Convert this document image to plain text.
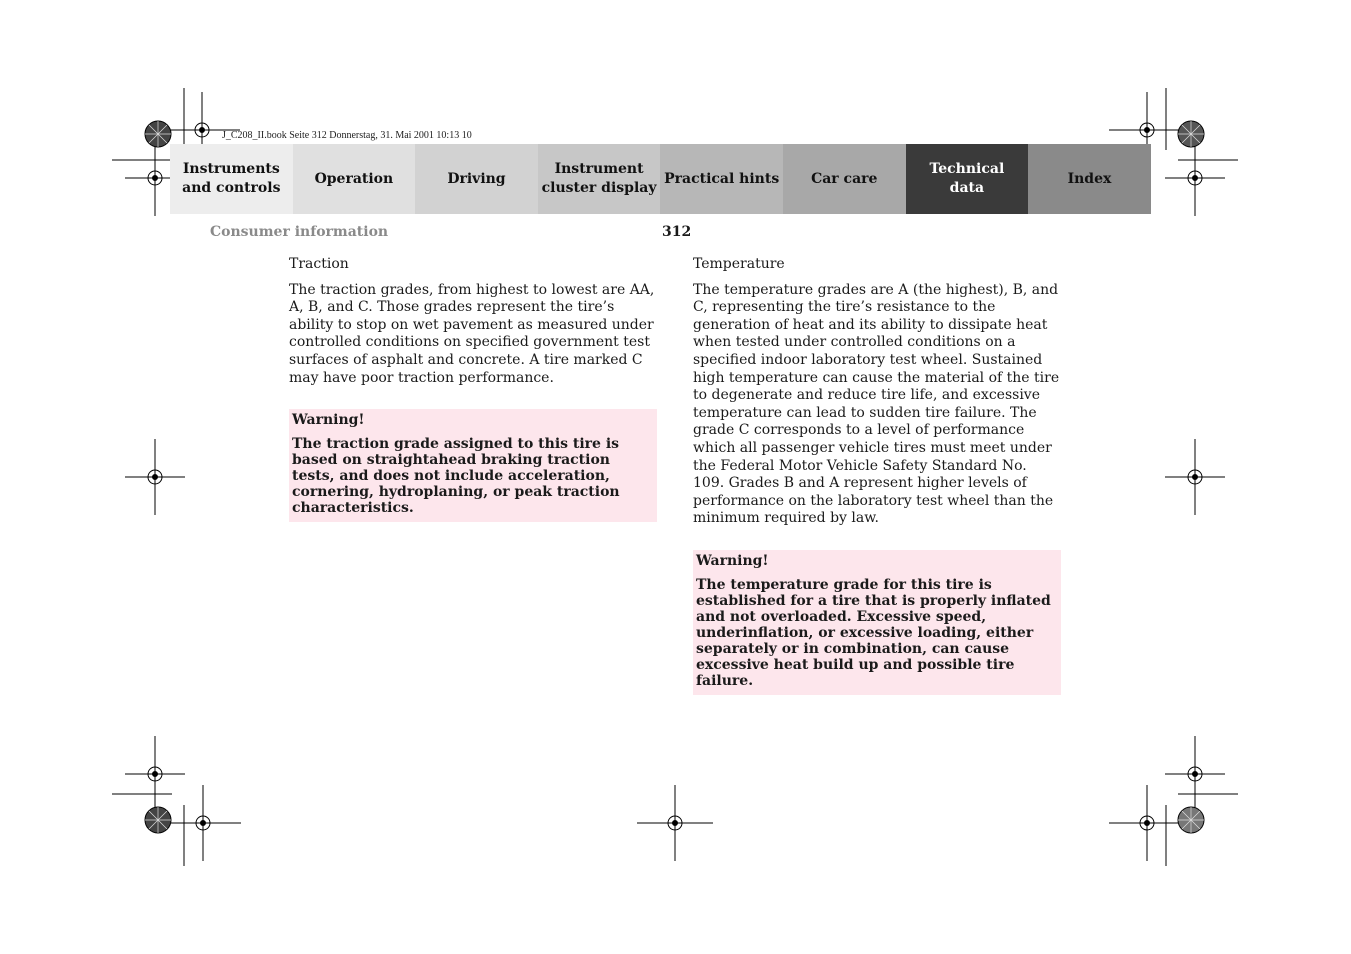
J_C208_II.book Seite 312 Donnerstag, 31. Mai 2001 10:13 10
Instruments
and controls
Operation	Driving
Instrument
cluster display
Practical hints	Car care
Technical
data
Index
Consumer information	312

Traction

The traction grades, from highest to lowest are AA, A, B, and C. Those grades represent the tire’s ability to stop on wet pavement as measured under controlled conditions on specified government test surfaces of asphalt and concrete. A tire marked C may have poor traction performance.

Warning!
The traction grade assigned to this tire is based on straightahead braking traction tests, and does not include acceleration, cornering, hydroplaning, or peak traction characteristics.

Temperature

The temperature grades are A (the highest), B, and C, representing the tire’s resistance to the generation of heat and its ability to dissipate heat when tested under controlled conditions on a specified indoor laboratory test wheel. Sustained high temperature can cause the material of the tire to degenerate and reduce tire life, and excessive temperature can lead to sudden tire failure. The grade C corresponds to a level of performance which all passenger vehicle tires must meet under the Federal Motor Vehicle Safety Standard No. 109. Grades B and A represent higher levels of performance on the laboratory test wheel than the minimum required by law.

Warning!
The temperature grade for this tire is established for a tire that is properly inflated and not overloaded. Excessive speed, underinflation, or excessive loading, either separately or in combination, can cause excessive heat build up and possible tire failure.
